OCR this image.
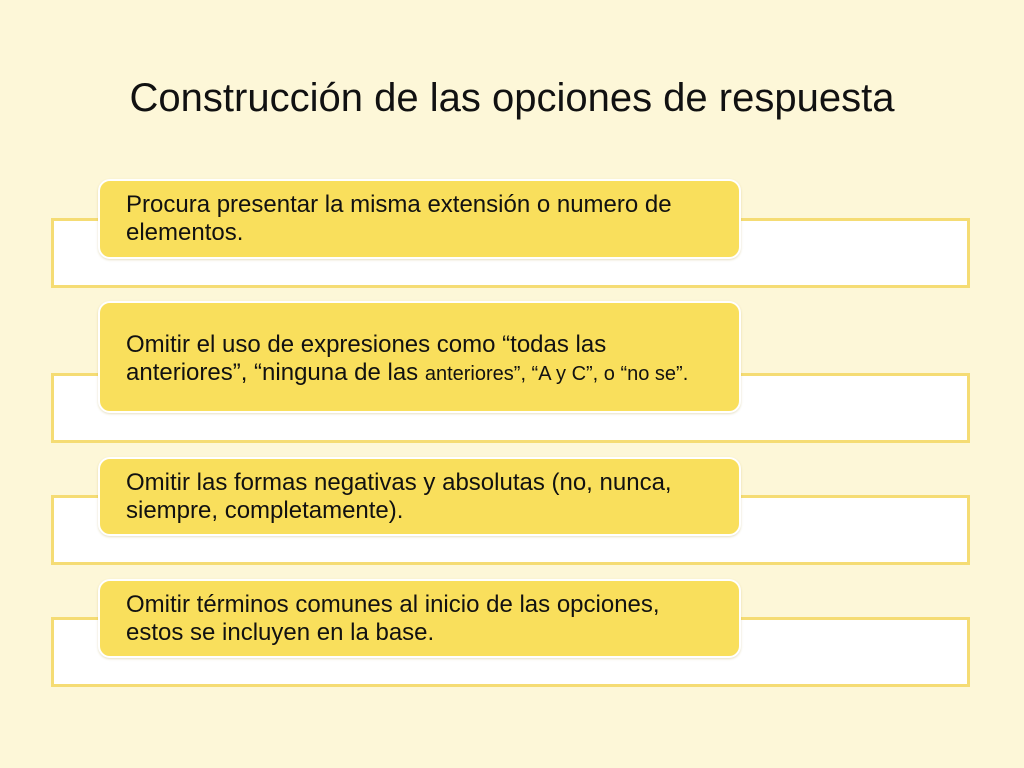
Construcción de las opciones de respuesta
Procura presentar la misma extensión o numero de elementos.
Omitir el uso de expresiones como “todas las anteriores”, “ninguna de las anteriores”, “A y C”, o “no se”.
Omitir las formas negativas y absolutas (no, nunca, siempre, completamente).
Omitir términos comunes al inicio de las opciones, estos se incluyen en la base.
